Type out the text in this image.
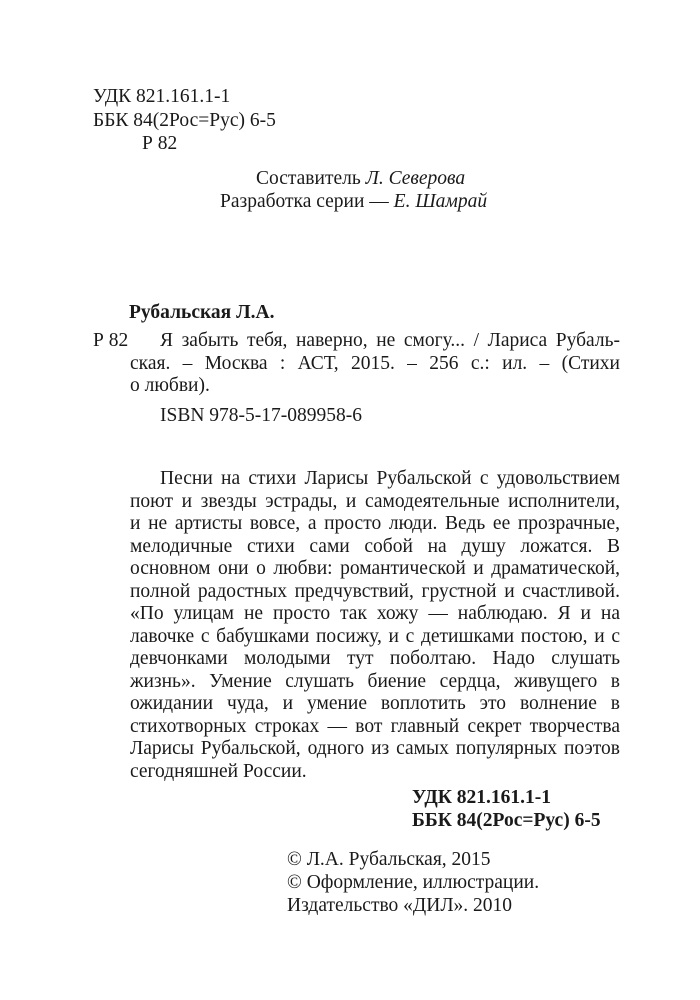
УДК 821.161.1-1
ББК 84(2Рос=Рус) 6-5
Р 82
Составитель Л. Северова
Разработка серии — Е. Шамрай
Рубальская Л.А.
Р 82	Я забыть тебя, наверно, не смогу... / Лариса Рубаль-
ская. – Москва : АСТ, 2015. – 256 с.: ил. – (Стихи
о любви).
ISBN 978-5-17-089958-6
Песни на стихи Ларисы Рубальской с удовольствием
поют и звезды эстрады, и самодеятельные исполнители,
и не артисты вовсе, а просто люди. Ведь ее прозрачные,
мелодичные стихи сами собой на душу ложатся. В
основном они о любви: романтической и драматической,
полной радостных предчувствий, грустной и счастливой.
«По улицам не просто так хожу — наблюдаю. Я и на
лавочке с бабушками посижу, и с детишками постою, и с
девчонками молодыми тут поболтаю. Надо слушать
жизнь». Умение слушать биение сердца, живущего в
ожидании чуда, и умение воплотить это волнение в
стихотворных строках — вот главный секрет творчества
Ларисы Рубальской, одного из самых популярных поэтов
сегодняшней России.
УДК 821.161.1-1
ББК 84(2Рос=Рус) 6-5
© Л.А. Рубальская, 2015
© Оформление, иллюстрации.
Издательство «ДИЛ». 2010
